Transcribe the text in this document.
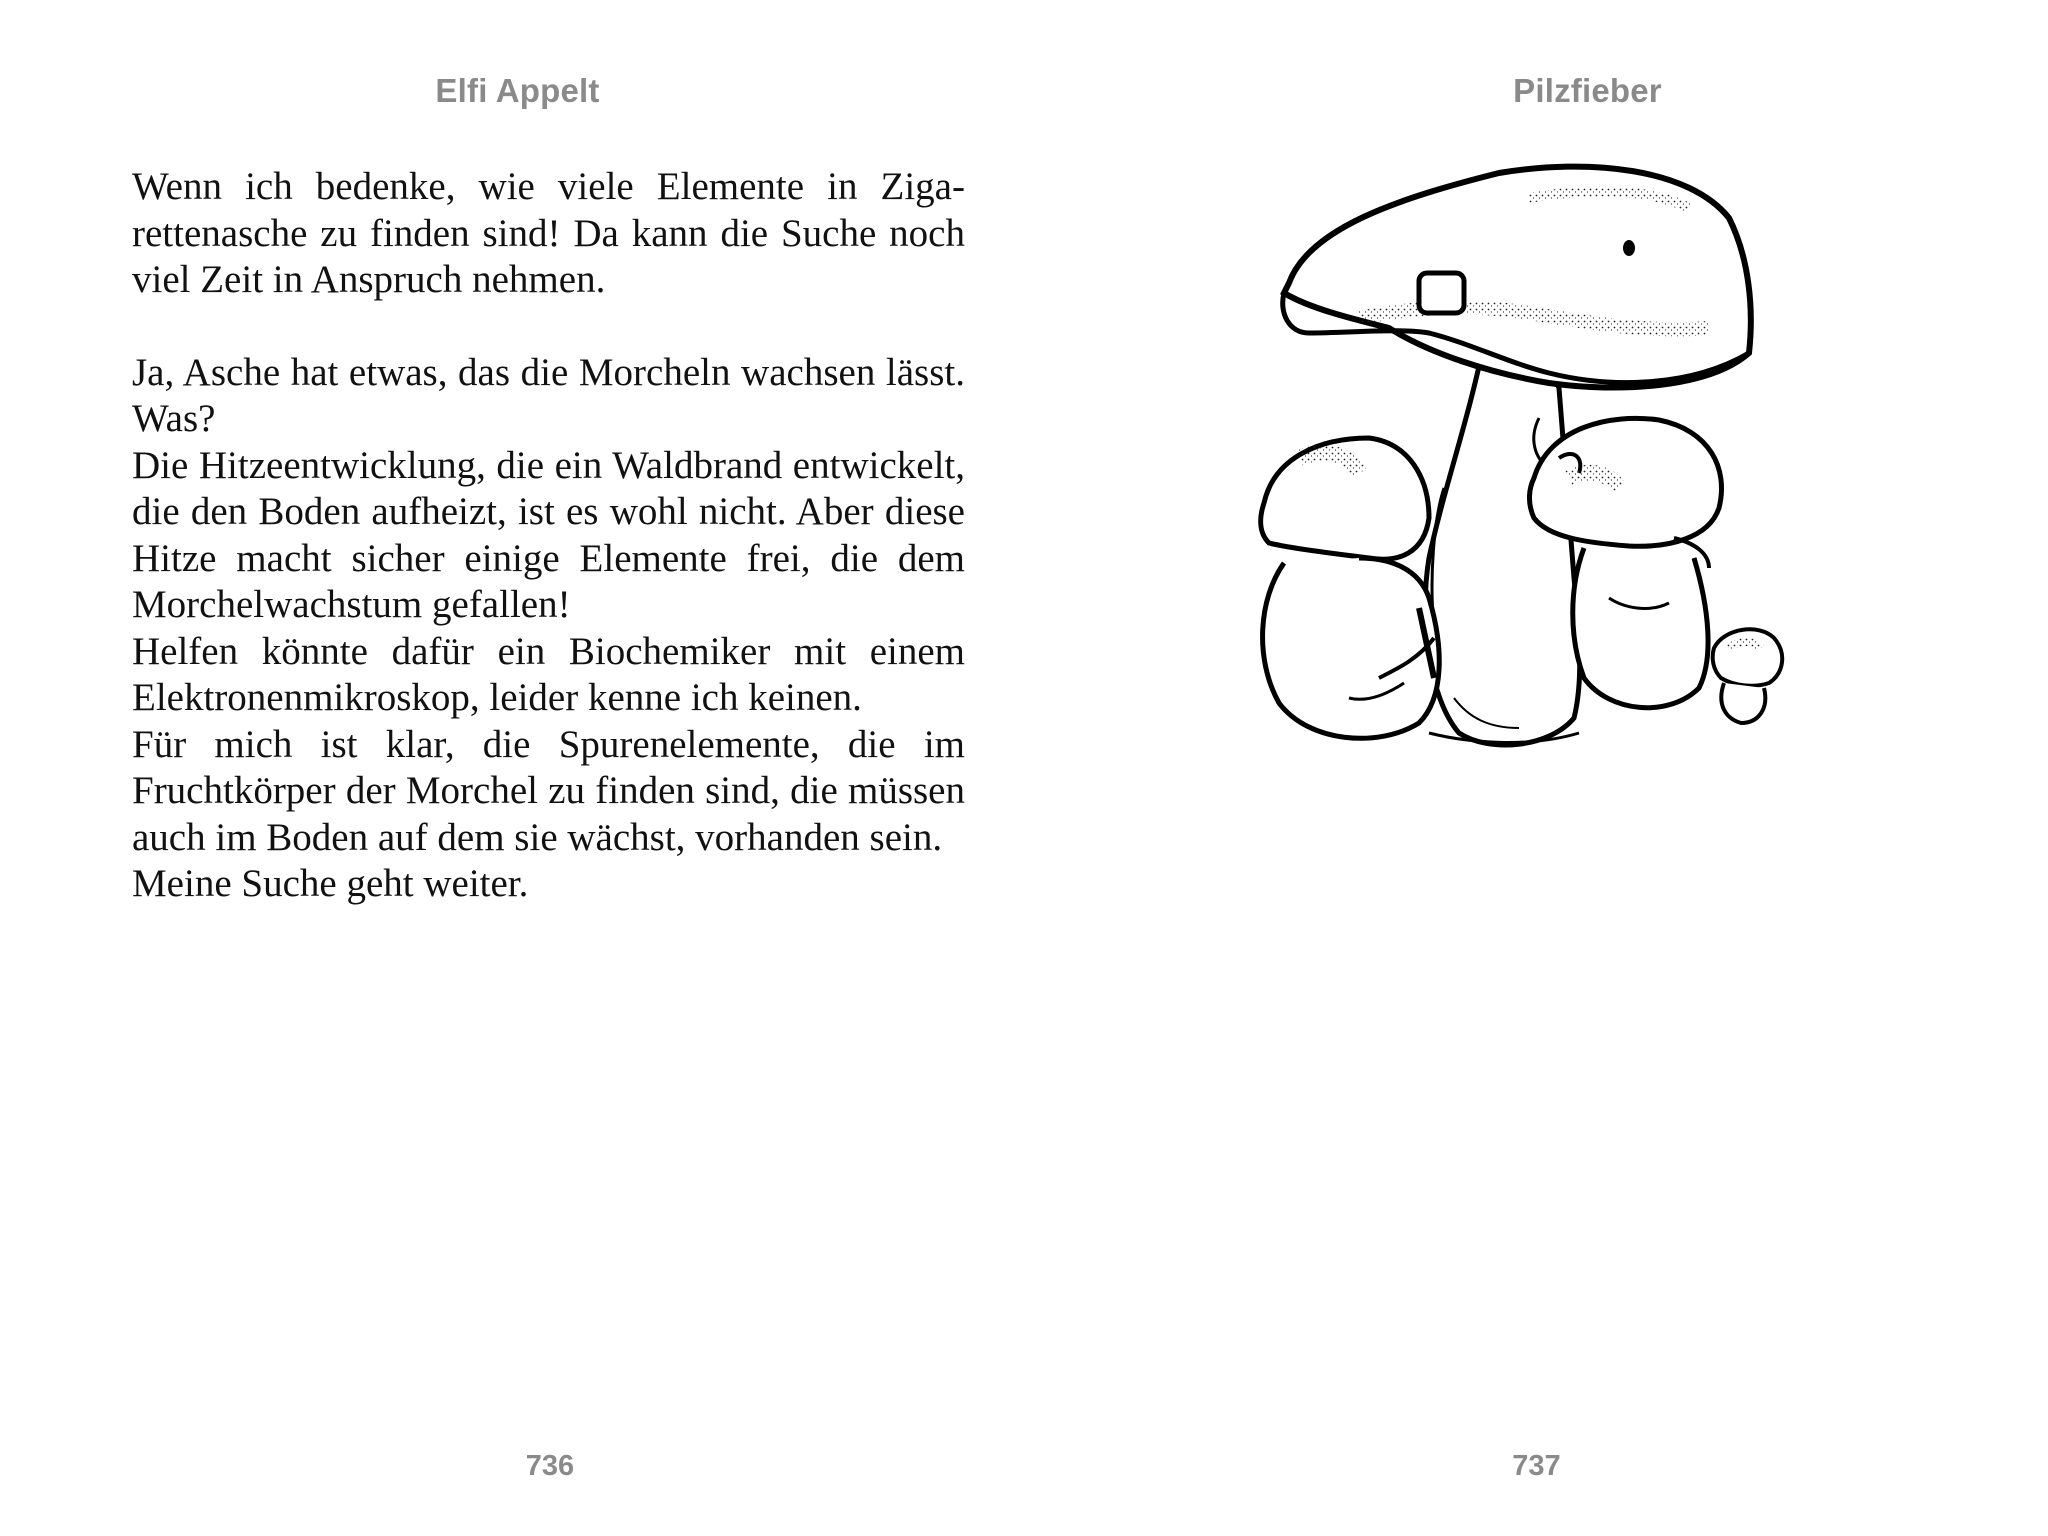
Elfi Appelt

Wenn ich bedenke, wie viele Elemente in Zigarettenasche zu finden sind! Da kann die Suche noch viel Zeit in Anspruch nehmen.

Ja, Asche hat etwas, das die Morcheln wachsen lässt. Was?

Die Hitzeentwicklung, die ein Waldbrand entwickelt, die den Boden aufheizt, ist es wohl nicht. Aber diese Hitze macht sicher einige Elemente frei, die dem Morchelwachstum gefallen!

Helfen könnte dafür ein Biochemiker mit einem Elektronenmikroskop, leider kenne ich keinen.

Für mich ist klar, die Spurenelemente, die im Fruchtkörper der Morchel zu finden sind, die müssen auch im Boden auf dem sie wächst, vorhanden sein.

Meine Suche geht weiter.

736
Pilzfieber
737
